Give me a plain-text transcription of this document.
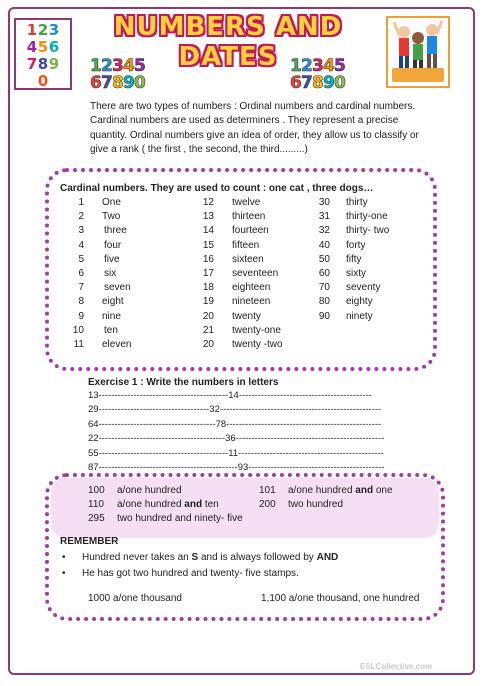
123
456
789
0
NUMBERS AND DATES
12345
67890
12345
67890
There are two types of numbers : Ordinal numbers and cardinal numbers. Cardinal numbers are used as determiners . They represent a precise quantity. Ordinal numbers give an idea of order, they allow us to classify or give a rank ( the first , the second, the third.........)
Cardinal numbers. They are used to count : one cat , three dogs…
1 One
2 Two
3 three
4 four
5 five
6 six
7 seven
8 eight
9 nine
10 ten
11 eleven
12 twelve
13 thirteen
14 fourteen
15 fifteen
16 sixteen
17 seventeen
18 eighteen
19 nineteen
20 twenty
21 twenty-one
20 twenty -two
30 thirty
31 thirty-one
32 thirty- two
40 forty
50 fifty
60 sixty
70 seventy
80 eighty
90 ninety
Exercise 1 : Write the numbers in letters
13-----------------------------------------14------------------------------------------
29-----------------------------------32---------------------------------------------------
64-------------------------------------78-------------------------------------------------
22----------------------------------------36-----------------------------------------------
55-----------------------------------------11----------------------------------------------
87--------------------------------------------93-------------------------------------------
100 a/one hundred
110 a/one hundred and ten
295 two hundred and ninety- five
101 a/one hundred and one
200 two hundred
REMEMBER
• Hundred never takes an S and is always followed by AND
• He has got two hundred and twenty- five stamps.
1000 a/one thousand	1,100 a/one thousand, one hundred
ESLCollective.com
